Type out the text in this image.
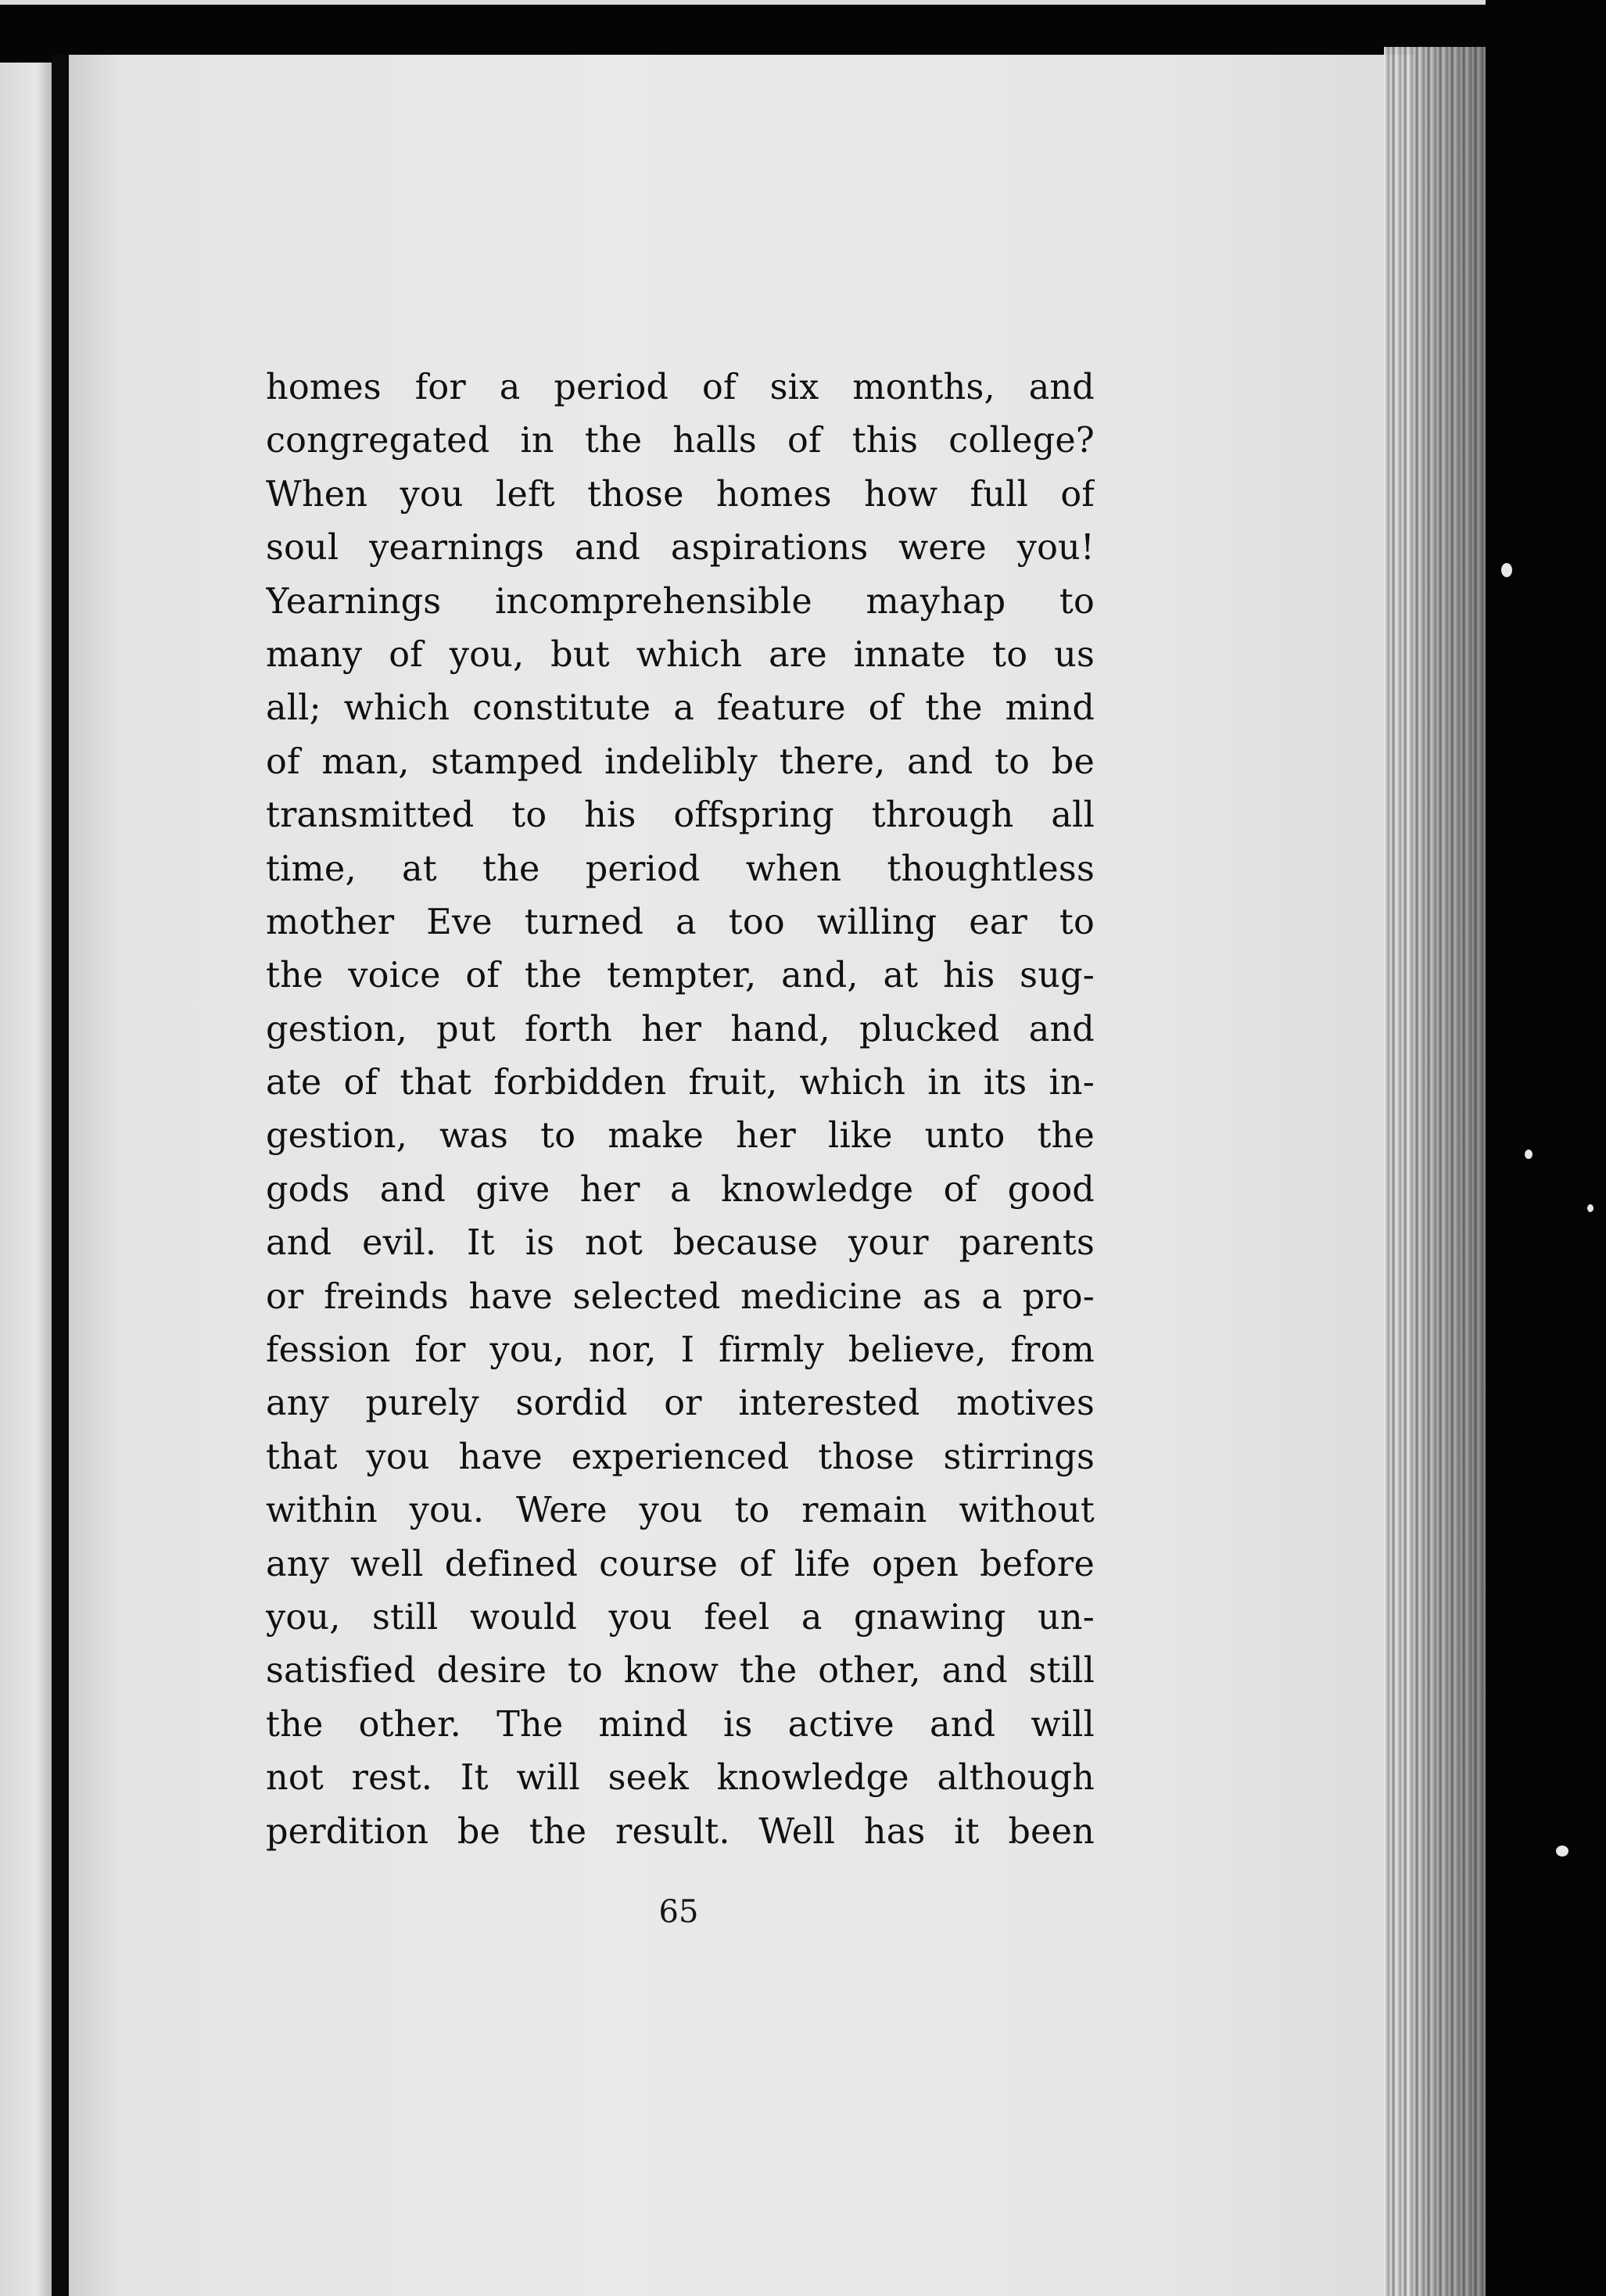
homes for a period of six months, and
congregated in the halls of this college?
When you left those homes how full of
soul yearnings and aspirations were you!
Yearnings incomprehensible mayhap to
many of you, but which are innate to us
all; which constitute a feature of the mind
of man, stamped indelibly there, and to be
transmitted to his offspring through all
time, at the period when thoughtless
mother Eve turned a too willing ear to
the voice of the tempter, and, at his sug-
gestion, put forth her hand, plucked and
ate of that forbidden fruit, which in its in-
gestion, was to make her like unto the
gods and give her a knowledge of good
and evil. It is not because your parents
or freinds have selected medicine as a pro-
fession for you, nor, I firmly believe, from
any purely sordid or interested motives
that you have experienced those stirrings
within you. Were you to remain without
any well defined course of life open before
you, still would you feel a gnawing un-
satisfied desire to know the other, and still
the other. The mind is active and will
not rest. It will seek knowledge although
perdition be the result. Well has it been
65
